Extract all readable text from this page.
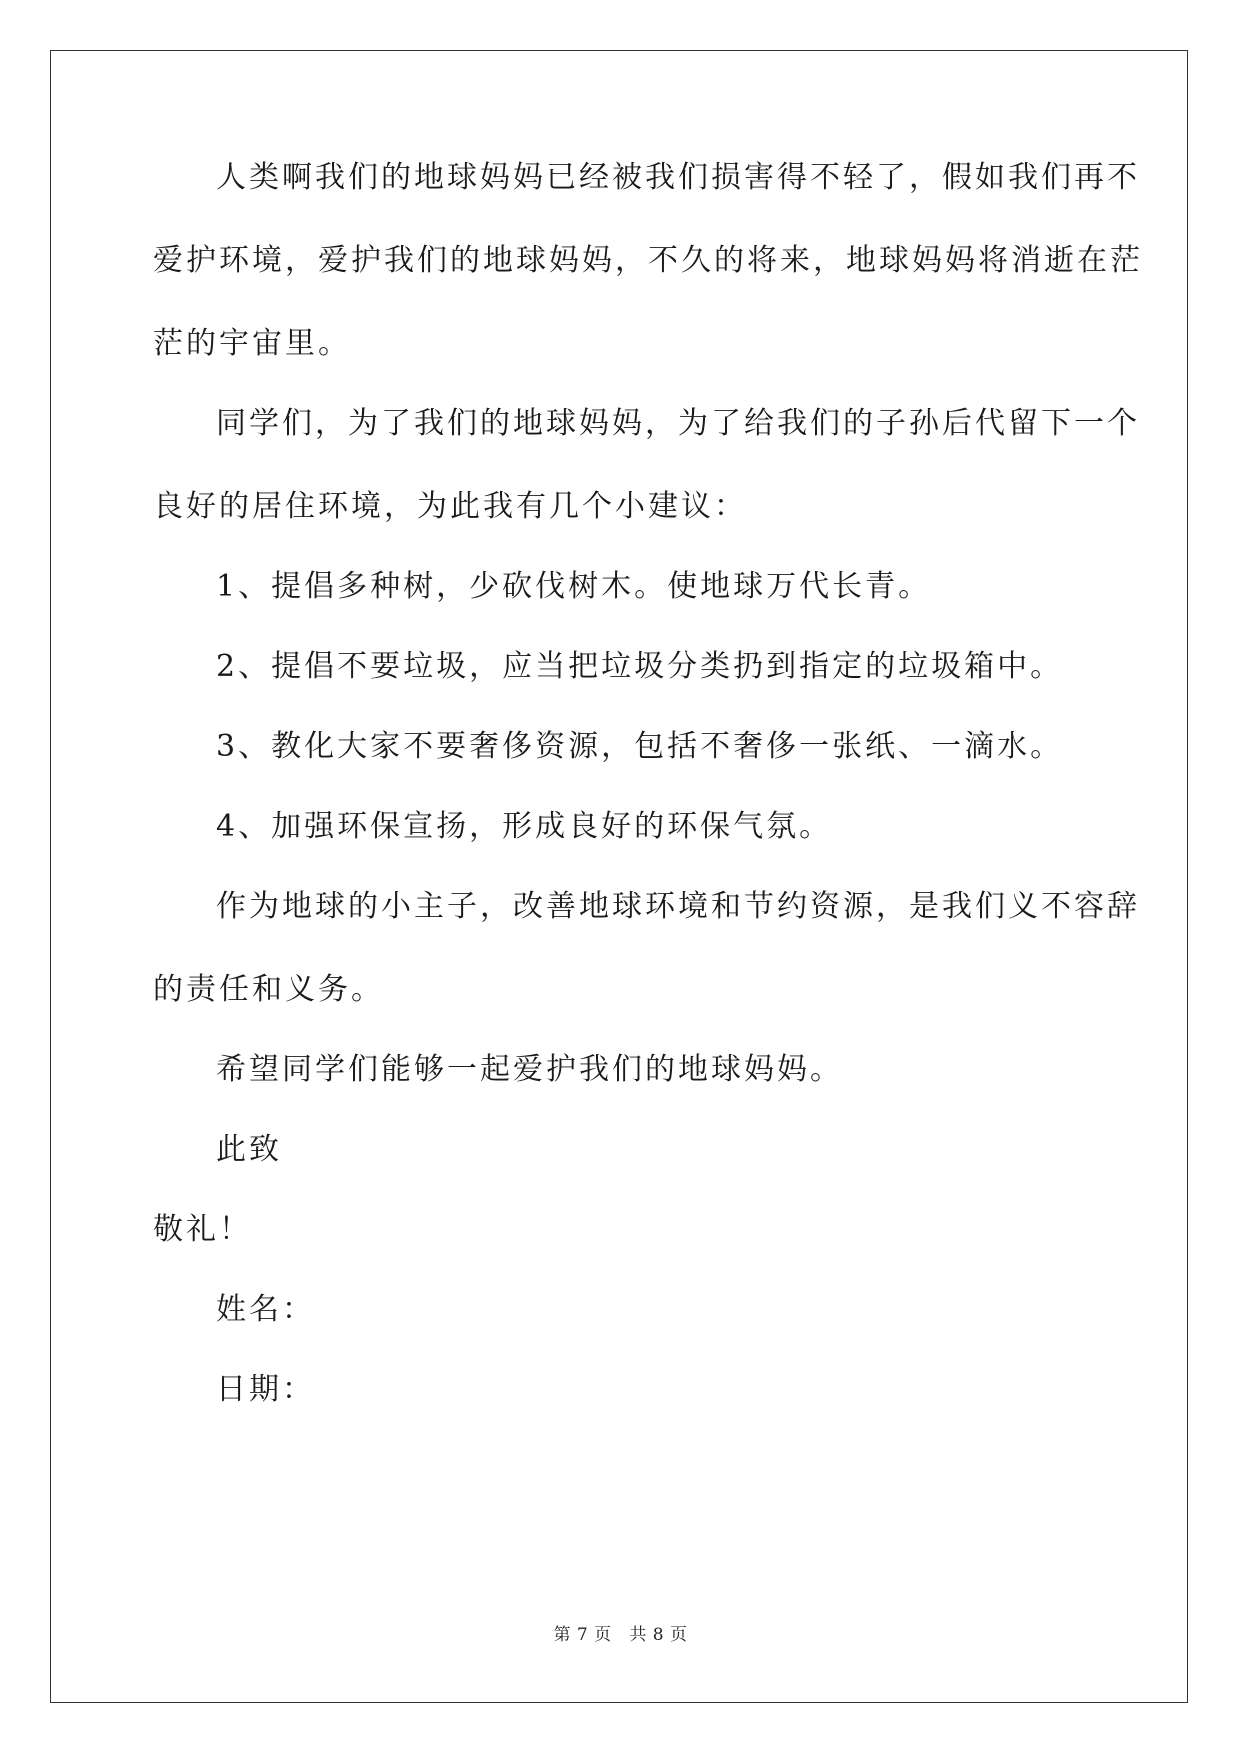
人类啊我们的地球妈妈已经被我们损害得不轻了，假如我们再不

爱护环境，爱护我们的地球妈妈，不久的将来，地球妈妈将消逝在茫

茫的宇宙里。

同学们，为了我们的地球妈妈，为了给我们的子孙后代留下一个

良好的居住环境，为此我有几个小建议：

1、提倡多种树，少砍伐树木。使地球万代长青。

2、提倡不要垃圾，应当把垃圾分类扔到指定的垃圾箱中。

3、教化大家不要奢侈资源，包括不奢侈一张纸、一滴水。

4、加强环保宣扬，形成良好的环保气氛。

作为地球的小主子，改善地球环境和节约资源，是我们义不容辞

的责任和义务。

希望同学们能够一起爱护我们的地球妈妈。

此致

敬礼！

姓名：

日期：

第 7 页 共 8 页
